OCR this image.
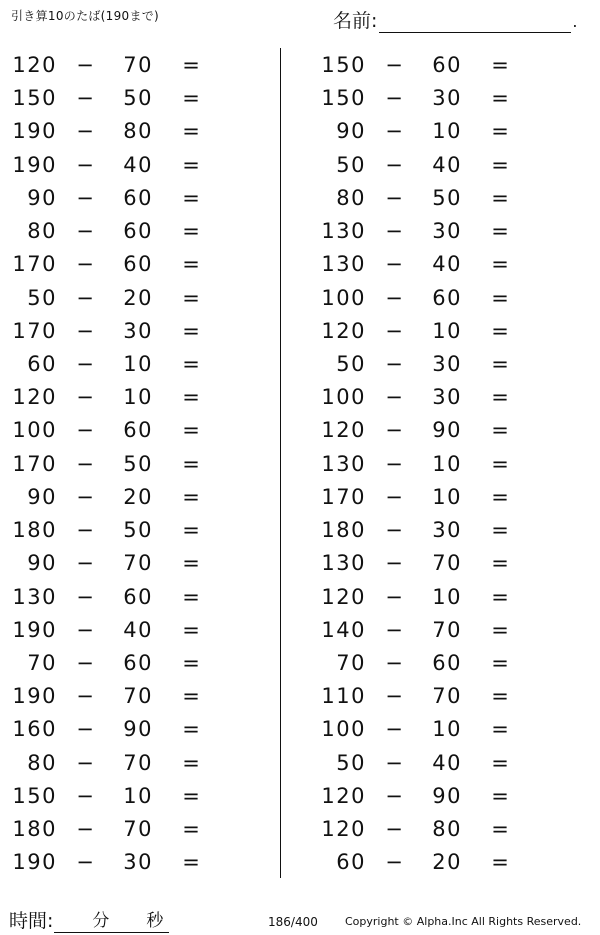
引き算10のたば(190まで)	名前:	.
120 − 70 =
150 − 50 =
190 − 80 =
190 − 40 =
90 − 60 =
80 − 60 =
170 − 60 =
50 − 20 =
170 − 30 =
60 − 10 =
120 − 10 =
100 − 60 =
170 − 50 =
90 − 20 =
180 − 50 =
90 − 70 =
130 − 60 =
190 − 40 =
70 − 60 =
190 − 70 =
160 − 90 =
80 − 70 =
150 − 10 =
180 − 70 =
190 − 30 =
150 − 60 =
150 − 30 =
90 − 10 =
50 − 40 =
80 − 50 =
130 − 30 =
130 − 40 =
100 − 60 =
120 − 10 =
50 − 30 =
100 − 30 =
120 − 90 =
130 − 10 =
170 − 10 =
180 − 30 =
130 − 70 =
120 − 10 =
140 − 70 =
70 − 60 =
110 − 70 =
100 − 10 =
50 − 40 =
120 − 90 =
120 − 80 =
60 − 20 =
時間: 分 秒	186/400 Copyright © Alpha.Inc All Rights Reserved.
